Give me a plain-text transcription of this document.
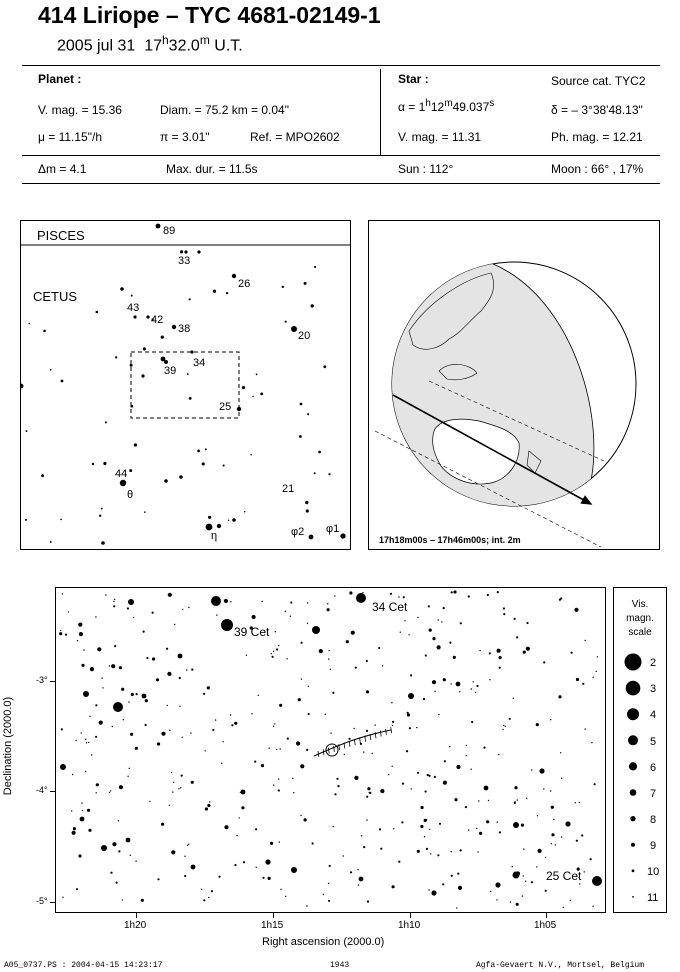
414 Liriope – TYC 4681-02149-1
2005 jul 31 17$^h$32.0$^m$ U.T.
Planet :
V. mag. = 15.36	Diam. = 75.2 km = 0.04"
μ = 11.15"/h	π = 3.01"	Ref. = MPO2602
Star :	Source cat. TYC2
$\alpha = 1^h12^m49.037^s$	δ = – 3°38'48.13"
V. mag. = 11.31	Ph. mag. = 12.21
Δm = 4.1	Max. dur. = 11.5s	Sun : 112°	Moon : 66° , 17%
PISCES
CETUS
89
33
26
43
42
38
20
39
34
25
44
θ	21
η	φ2 φ1
17h18m00s – 17h46m00s; int. 2m
Declination (2000.0)
34 Cet
39 Cet
25 Cet
-3°
-4°
-5°
1h20	1h15	1h10	1h05
Right ascension (2000.0)
Vis.
magn.
scale
2
3
4
5
6
7
8
9
10
11
A05_0737.PS : 2004-04-15 14:23:17	1943	Agfa-Gevaert N.V., Mortsel, Belgium
